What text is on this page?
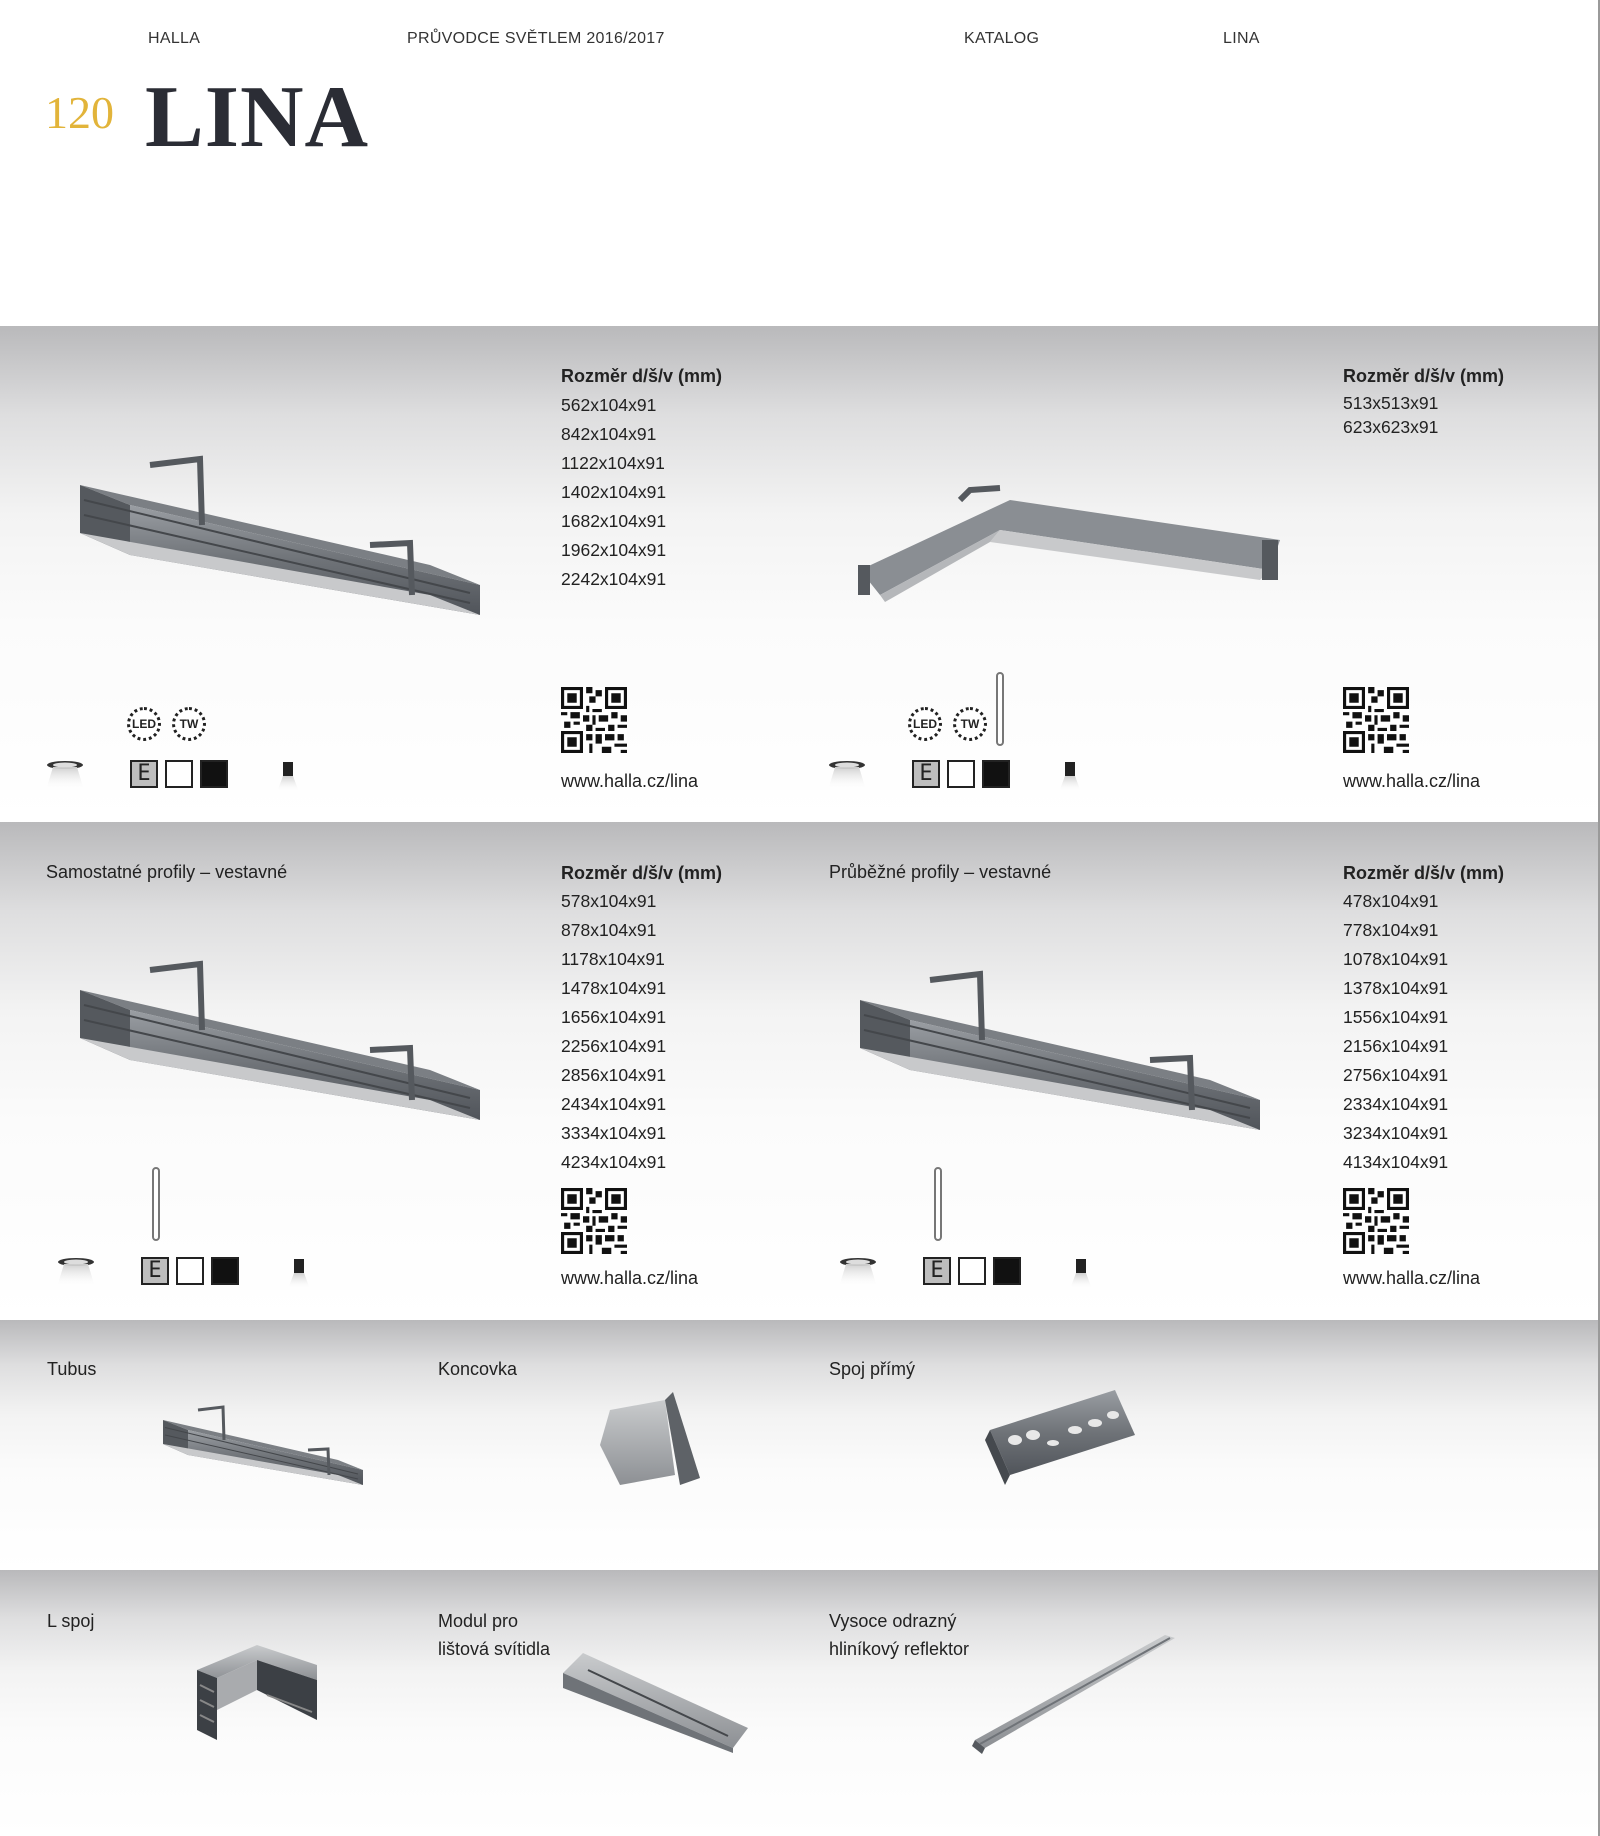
HALLA	PRŮVODCE SVĚTLEM 2016/2017	KATALOG	LINA
120 LINA
Rozměr d/š/v (mm)
562x104x91
842x104x91
1122x104x91
1402x104x91
1682x104x91
1962x104x91
2242x104x91
LED	TW
E	www.halla.cz/lina
Rozměr d/š/v (mm)
513x513x91
623x623x91
LED	TW
E	www.halla.cz/lina
Samostatné profily – vestavné	Rozměr d/š/v (mm)
578x104x91
878x104x91
1178x104x91
1478x104x91
1656x104x91
2256x104x91
2856x104x91
2434x104x91
3334x104x91
4234x104x91
E	www.halla.cz/lina
Průběžné profily – vestavné	Rozměr d/š/v (mm)
478x104x91
778x104x91
1078x104x91
1378x104x91
1556x104x91
2156x104x91
2756x104x91
2334x104x91
3234x104x91
4134x104x91
E	www.halla.cz/lina
Tubus	Koncovka	Spoj přímý
L spoj	Modul pro
lištová svítidla
Vysoce odrazný
hliníkový reflektor
